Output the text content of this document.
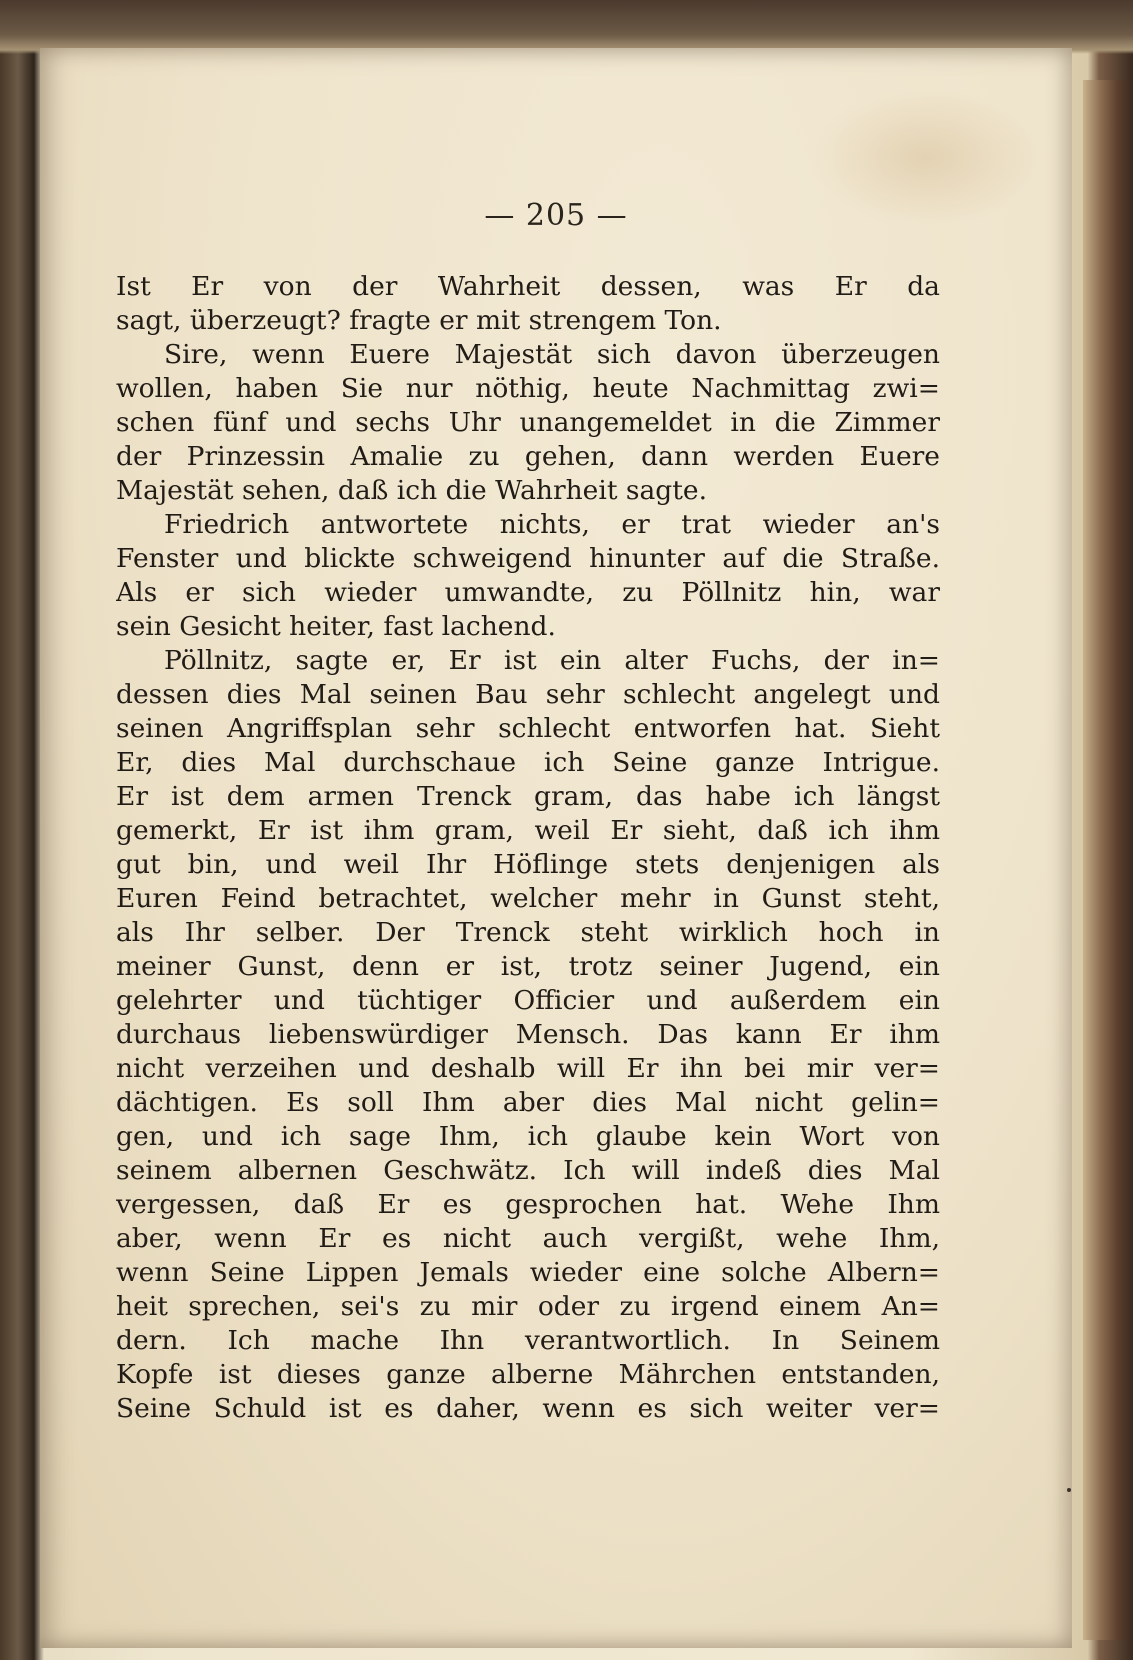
— 205 —
Ist Er von der Wahrheit dessen, was Er da
sagt, überzeugt? fragte er mit strengem Ton.
Sire, wenn Euere Majestät sich davon überzeugen
wollen, haben Sie nur nöthig, heute Nachmittag zwi=
schen fünf und sechs Uhr unangemeldet in die Zimmer
der Prinzessin Amalie zu gehen, dann werden Euere
Majestät sehen, daß ich die Wahrheit sagte.
Friedrich antwortete nichts, er trat wieder an's
Fenster und blickte schweigend hinunter auf die Straße.
Als er sich wieder umwandte, zu Pöllnitz hin, war
sein Gesicht heiter, fast lachend.
Pöllnitz, sagte er, Er ist ein alter Fuchs, der in=
dessen dies Mal seinen Bau sehr schlecht angelegt und
seinen Angriffsplan sehr schlecht entworfen hat. Sieht
Er, dies Mal durchschaue ich Seine ganze Intrigue.
Er ist dem armen Trenck gram, das habe ich längst
gemerkt, Er ist ihm gram, weil Er sieht, daß ich ihm
gut bin, und weil Ihr Höflinge stets denjenigen als
Euren Feind betrachtet, welcher mehr in Gunst steht,
als Ihr selber. Der Trenck steht wirklich hoch in
meiner Gunst, denn er ist, trotz seiner Jugend, ein
gelehrter und tüchtiger Officier und außerdem ein
durchaus liebenswürdiger Mensch. Das kann Er ihm
nicht verzeihen und deshalb will Er ihn bei mir ver=
dächtigen. Es soll Ihm aber dies Mal nicht gelin=
gen, und ich sage Ihm, ich glaube kein Wort von
seinem albernen Geschwätz. Ich will indeß dies Mal
vergessen, daß Er es gesprochen hat. Wehe Ihm
aber, wenn Er es nicht auch vergißt, wehe Ihm,
wenn Seine Lippen Jemals wieder eine solche Albern=
heit sprechen, sei's zu mir oder zu irgend einem An=
dern. Ich mache Ihn verantwortlich. In Seinem
Kopfe ist dieses ganze alberne Mährchen entstanden,
Seine Schuld ist es daher, wenn es sich weiter ver=
